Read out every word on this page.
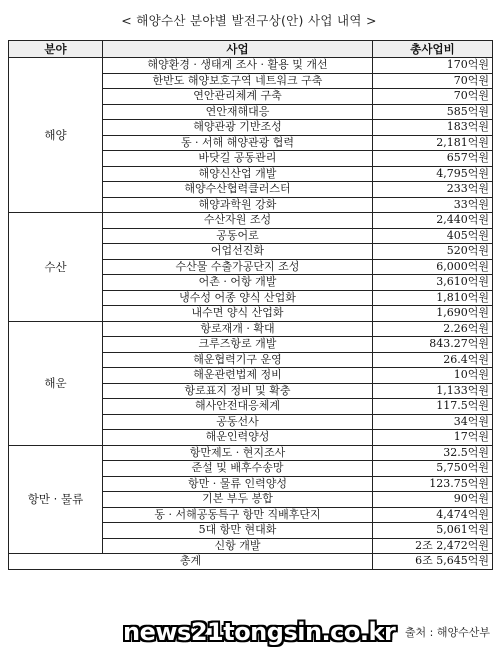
< 해양수산 분야별 발전구상(안) 사업 내역 >
분야	사업	총사업비
해양	해양환경 · 생태계 조사 · 활용 및 개선	170억원
	한반도 해양보호구역 네트워크 구축	70억원
	연안관리체계 구축	70억원
	연안재해대응	585억원
	해양관광 기반조성	183억원
	동 · 서해 해양관광 협력	2,181억원
	바닷길 공동관리	657억원
	해양신산업 개발	4,795억원
	해양수산협력클러스터	233억원
	해양과학원 강화	33억원
수산	수산자원 조성	2,440억원
	공동어로	405억원
	어업선진화	520억원
	수산물 수출가공단지 조성	6,000억원
	어촌 · 어항 개발	3,610억원
	냉수성 어종 양식 산업화	1,810억원
	내수면 양식 산업화	1,690억원
해운	항로재개 · 확대	2.26억원
	크루즈항로 개발	843.27억원
	해운협력기구 운영	26.4억원
	해운관련법제 정비	10억원
	항로표지 정비 및 확충	1,133억원
	해사안전대응체계	117.5억원
	공동선사	34억원
	해운인력양성	17억원
항만 · 물류	항만제도 · 현지조사	32.5억원
	준설 및 배후수송망	5,750억원
	항만 · 물류 인력양성	123.75억원
	기본 부두 봉합	90억원
	동 · 서해공동특구 항만 직배후단지	4,474억원
	5대 항만 현대화	5,061억원
	신항 개발	2조 2,472억원
총계		6조 5,645억원
news21tongsin.co.kr 출처 : 해양수산부
